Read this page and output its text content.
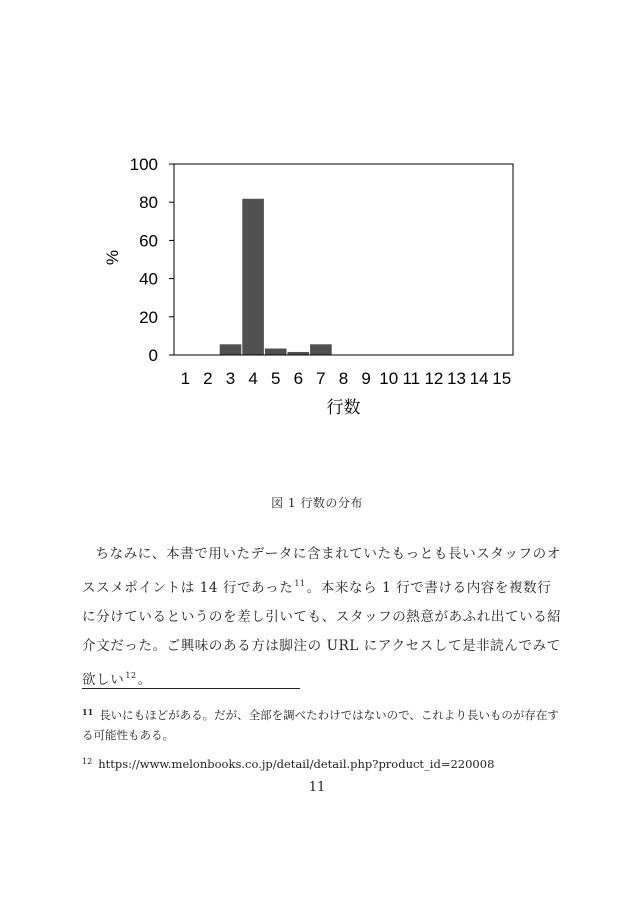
0
20
40
60
80
100
1 2 3 4 5 6 7 8 9 10 11 12 13 14 15
%
行数
図 1 行数の分布

ちなみに、本書で用いたデータに含まれていたもっとも長いスタッフのオススメポイントは 14 行であった$^{11}$。本来なら 1 行で書ける内容を複数行に分けているというのを差し引いても、スタッフの熱意があふれ出ている紹介文だった。ご興味のある方は脚注の URL にアクセスして是非読んでみて欲しい$^{12}$。

$^{11}$ 長いにもほどがある。だが、全部を調べたわけではないので、これより長いものが存在する可能性もある。
$^{12}$ https://www.melonbooks.co.jp/detail/detail.php?product_id=220008
11
